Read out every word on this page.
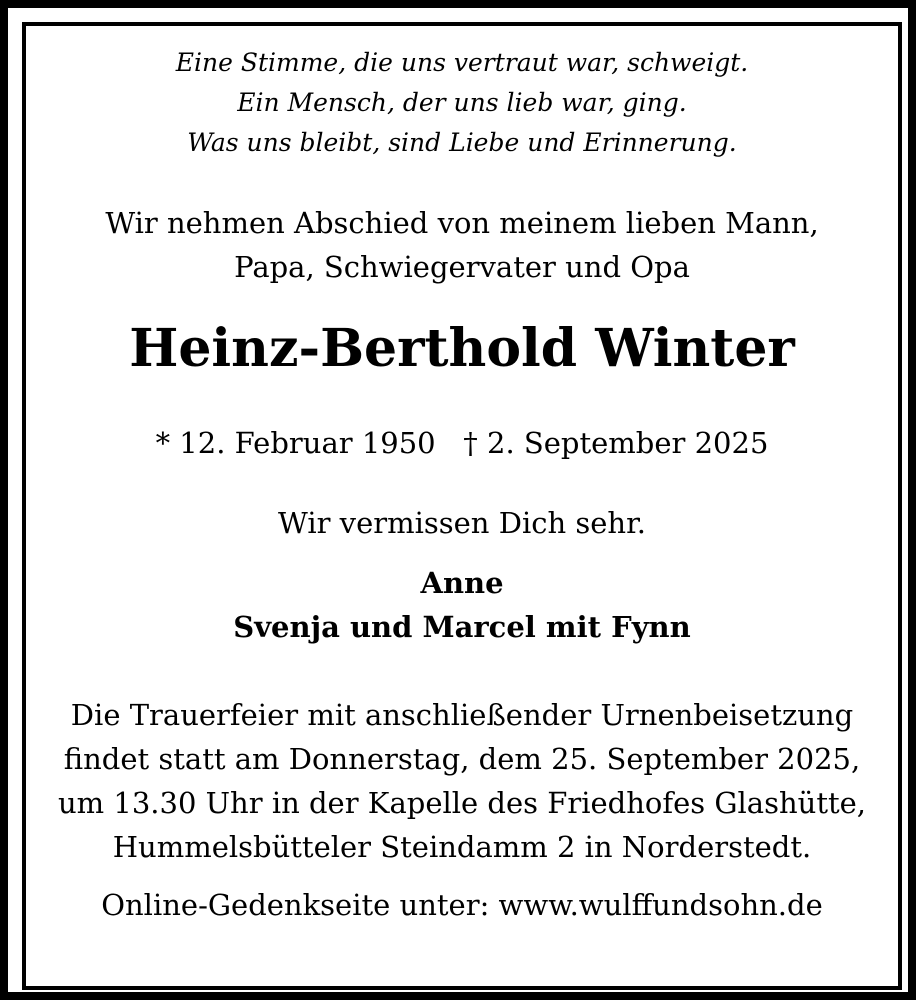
Eine Stimme, die uns vertraut war, schweigt.
Ein Mensch, der uns lieb war, ging.
Was uns bleibt, sind Liebe und Erinnerung.
Wir nehmen Abschied von meinem lieben Mann,
Papa, Schwiegervater und Opa
Heinz-Berthold Winter
* 12. Februar 1950   † 2. September 2025
Wir vermissen Dich sehr.
Anne
Svenja und Marcel mit Fynn
Die Trauerfeier mit anschließender Urnenbeisetzung
findet statt am Donnerstag, dem 25. September 2025,
um 13.30 Uhr in der Kapelle des Friedhofes Glashütte,
Hummelsbütteler Steindamm 2 in Norderstedt.
Online-Gedenkseite unter: www.wulffundsohn.de
